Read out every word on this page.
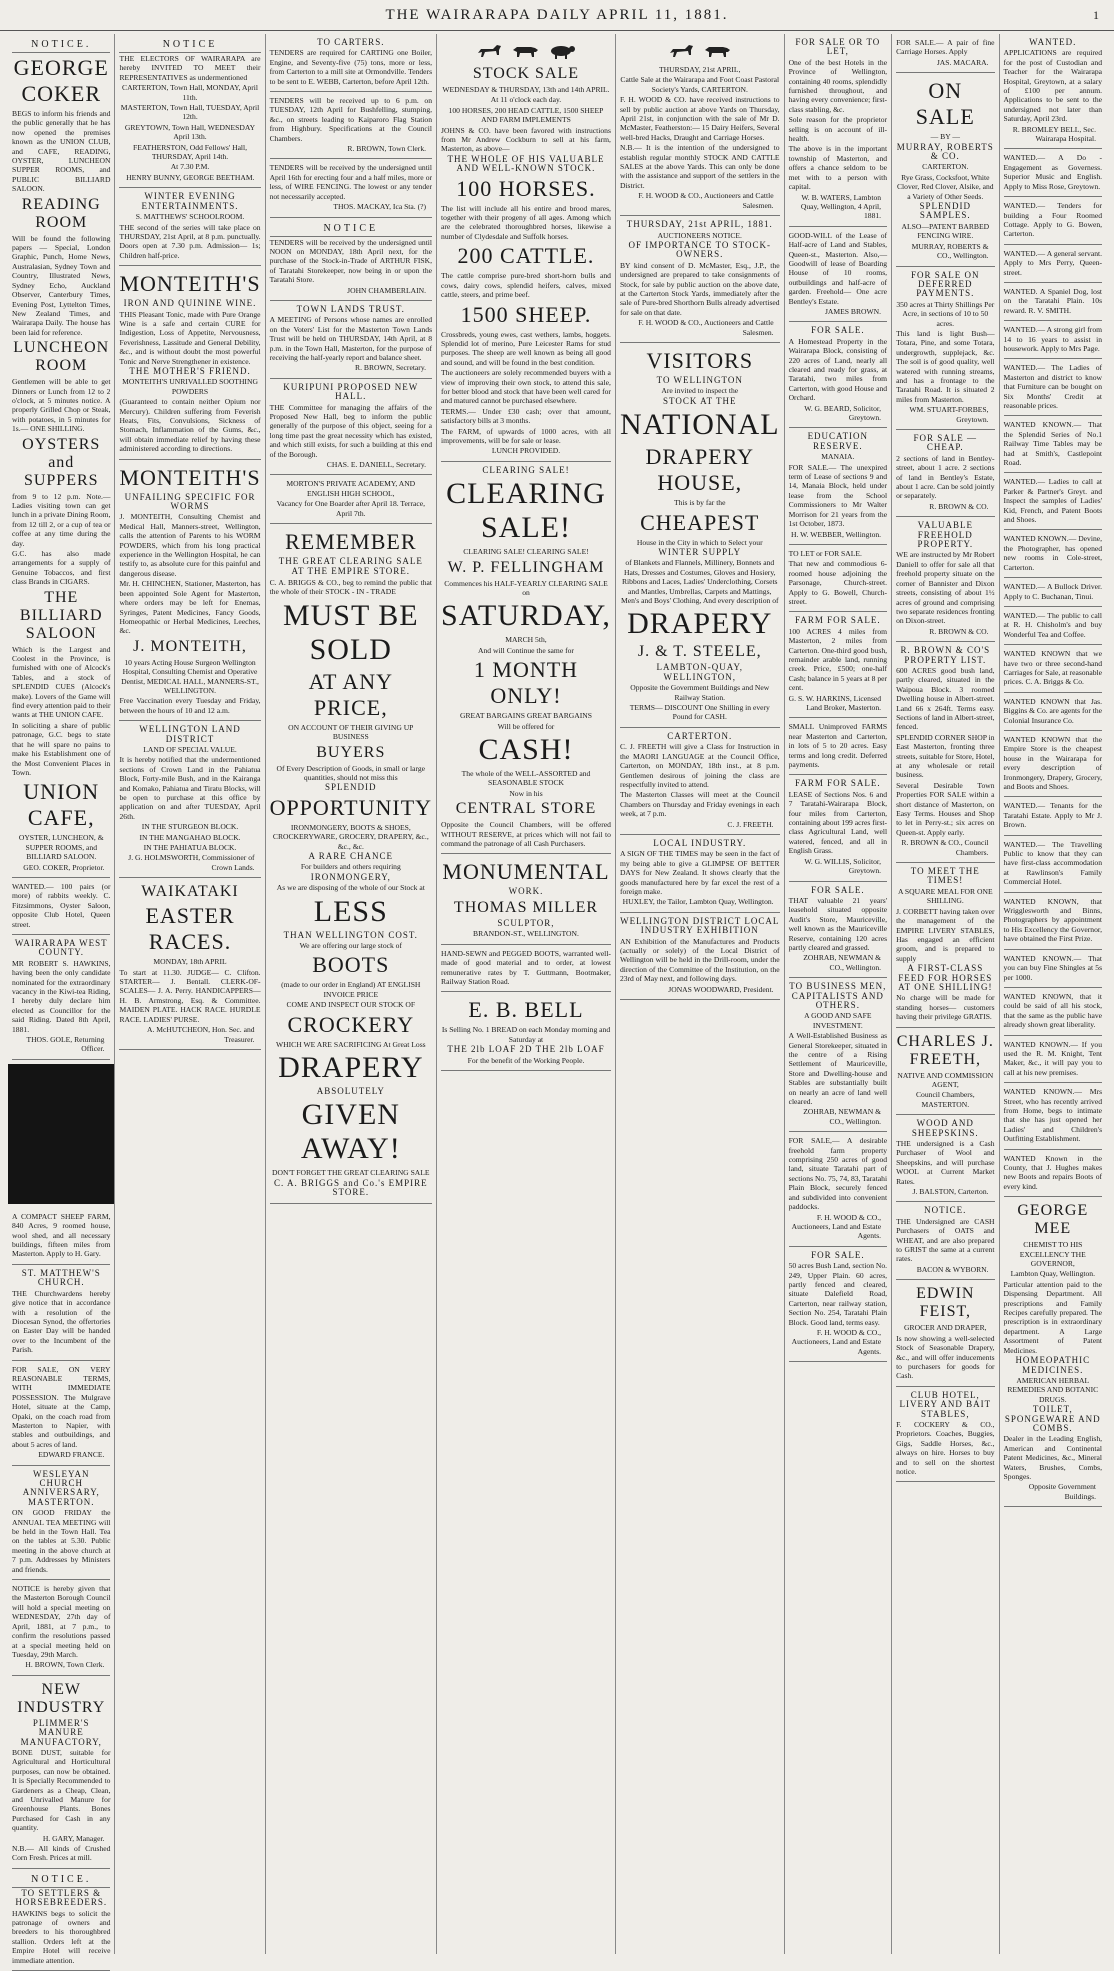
THE WAIRARAPA DAILY APRIL 11, 1881.	1
NOTICE.
GEORGE COKER

BEGS to inform his friends and the public generally that he has now opened the premises known as the UNION CLUB, and CAFE, READING, OYSTER, LUNCHEON SUPPER ROOMS, and PUBLIC BILLIARD SALOON.

READING ROOM

Will be found the following papers — Special, London Graphic, Punch, Home News, Australasian, Sydney Town and Country, Illustrated News, Sydney Echo, Auckland Observer, Canterbury Times, Evening Post, Lyttelton Times, New Zealand Times, and Wairarapa Daily. The house has been laid for reference.

LUNCHEON ROOM

Gentlemen will be able to get Dinners or Lunch from 12 to 2 o'clock, at 5 minutes notice. A properly Grilled Chop or Steak, with potatoes, in 5 minutes for 1s.— ONE SHILLING.

OYSTERS and SUPPERS

from 9 to 12 p.m. Note.— Ladies visiting town can get lunch in a private Dining Room, from 12 till 2, or a cup of tea or coffee at any time during the day.

G.C. has also made arrangements for a supply of Genuine Tobaccos, and first class Brands in CIGARS.

THE BILLIARD SALOON

Which is the Largest and Coolest in the Province, is furnished with one of Alcock's Tables, and a stock of SPLENDID CUES (Alcock's make). Lovers of the Game will find every attention paid to their wants at THE UNION CAFE.

In soliciting a share of public patronage, G.C. begs to state that he will spare no pains to make his Establishment one of the Most Convenient Places in Town.

UNION CAFE,

OYSTER, LUNCHEON, & SUPPER ROOMS, and BILLIARD SALOON.

GEO. COKER, Proprietor.

WANTED.— 100 pairs (or more) of rabbits weekly. C. Fitzsimmons, Oyster Saloon, opposite Club Hotel, Queen street.

WAIRARAPA WEST COUNTY.

MR ROBERT S. HAWKINS, having been the only candidate nominated for the extraordinary vacancy in the Kiwi-tea Riding, I hereby duly declare him elected as Councillor for the said Riding. Dated 8th April, 1881.

THOS. GOLE, Returning Officer.

A COMPACT SHEEP FARM, 840 Acres, 9 roomed house, wool shed, and all necessary buildings, fifteen miles from Masterton. Apply to H. Gary.

ST. MATTHEW'S CHURCH.

THE Churchwardens hereby give notice that in accordance with a resolution of the Diocesan Synod, the offertories on Easter Day will be handed over to the Incumbent of the Parish.

FOR SALE, ON VERY REASONABLE TERMS, WITH IMMEDIATE POSSESSION. The Mulgrave Hotel, situate at the Camp, Opaki, on the coach road from Masterton to Napier, with stables and outbuildings, and about 5 acres of land.

EDWARD FRANCE.

WESLEYAN CHURCH ANNIVERSARY, MASTERTON.

ON GOOD FRIDAY the ANNUAL TEA MEETING will be held in the Town Hall. Tea on the tables at 5.30. Public meeting in the above church at 7 p.m. Addresses by Ministers and friends.

NOTICE is hereby given that the Masterton Borough Council will hold a special meeting on WEDNESDAY, 27th day of April, 1881, at 7 p.m., to confirm the resolutions passed at a special meeting held on Tuesday, 29th March.

H. BROWN, Town Clerk.

NEW INDUSTRY

PLIMMER'S MANURE MANUFACTORY,

BONE DUST, suitable for Agricultural and Horticultural purposes, can now be obtained. It is Specially Recommended to Gardeners as a Cheap, Clean, and Unrivalled Manure for Greenhouse Plants. Bones Purchased for Cash in any quantity.

H. GARY, Manager.

N.B.— All kinds of Crushed Corn Fresh. Prices at mill.

NOTICE.

TO SETTLERS & HORSEBREEDERS.

HAWKINS begs to solicit the patronage of owners and breeders to his thoroughbred stallion. Orders left at the Empire Hotel will receive immediate attention.

NOTICE

THE ELECTORS OF WAIRARAPA are hereby INVITED TO MEET their REPRESENTATIVES as undermentioned

CARTERTON, Town Hall, MONDAY, April 11th.

MASTERTON, Town Hall, TUESDAY, April 12th.

GREYTOWN, Town Hall, WEDNESDAY April 13th.

FEATHERSTON, Odd Fellows' Hall, THURSDAY, April 14th.

At 7.30 P.M.

HENRY BUNNY, GEORGE BEETHAM.

WINTER EVENING ENTERTAINMENTS.

S. MATTHEWS' SCHOOLROOM.

THE second of the series will take place on THURSDAY, 21st April, at 8 p.m. punctually. Doors open at 7.30 p.m. Admission— 1s; Children half-price.

MONTEITH'S

IRON AND QUININE WINE.

THIS Pleasant Tonic, made with Pure Orange Wine is a safe and certain CURE for Indigestion, Loss of Appetite, Nervousness, Feverishness, Lassitude and General Debility, &c., and is without doubt the most powerful Tonic and Nerve Strengthener in existence.

THE MOTHER'S FRIEND.

MONTEITH'S UNRIVALLED SOOTHING POWDERS

(Guaranteed to contain neither Opium nor Mercury). Children suffering from Feverish Heats, Fits, Convulsions, Sickness of Stomach, Inflammation of the Gums, &c., will obtain immediate relief by having these administered according to directions.

MONTEITH'S

UNFAILING SPECIFIC FOR WORMS

J. MONTEITH, Consulting Chemist and Medical Hall, Manners-street, Wellington, calls the attention of Parents to his WORM POWDERS, which from his long practical experience in the Wellington Hospital, he can testify to, as absolute cure for this painful and dangerous disease.

Mr. H. CHINCHEN, Stationer, Masterton, has been appointed Sole Agent for Masterton, where orders may be left for Enemas, Syringes, Patent Medicines, Fancy Goods, Homeopathic or Herbal Medicines, Leeches, &c.

J. MONTEITH,

10 years Acting House Surgeon Wellington Hospital, Consulting Chemist and Operative Dentist, MEDICAL HALL, MANNERS-ST., WELLINGTON.

Free Vaccination every Tuesday and Friday, between the hours of 10 and 12 a.m.

WELLINGTON LAND DISTRICT

LAND OF SPECIAL VALUE.

It is hereby notified that the undermentioned sections of Crown Land in the Pahiatua Block, Forty-mile Bush, and in the Kairanga and Komako, Pahiatua and Tiratu Blocks, will be open to purchase at this office by application on and after TUESDAY, April 26th.

IN THE STURGEON BLOCK.

IN THE MANGAHAO BLOCK.

IN THE PAHIATUA BLOCK.

J. G. HOLMSWORTH, Commissioner of Crown Lands.

WAIKATAKI
EASTER RACES.

MONDAY, 18th APRIL

To start at 11.30. JUDGE— C. Clifton. STARTER— J. Bentall. CLERK-OF-SCALES— J. A. Perry. HANDICAPPERS— H. B. Armstrong, Esq. & Committee. MAIDEN PLATE. HACK RACE. HURDLE RACE. LADIES' PURSE.

A. McHUTCHEON, Hon. Sec. and Treasurer.

TO CARTERS.

TENDERS are required for CARTING one Boiler, Engine, and Seventy-five (75) tons, more or less, from Carterton to a mill site at Ormondville. Tenders to be sent to E. WEBB, Carterton, before April 12th.

TENDERS will be received up to 6 p.m. on TUESDAY, 12th April for Bushfelling, stumping, &c., on streets leading to Kaiparoro Flag Station from Highbury. Specifications at the Council Chambers.

R. BROWN, Town Clerk.

TENDERS will be received by the undersigned until April 16th for erecting four and a half miles, more or less, of WIRE FENCING. The lowest or any tender not necessarily accepted.

THOS. MACKAY, Ica Sta. (?)

NOTICE

TENDERS will be received by the undersigned until NOON on MONDAY, 18th April next, for the purchase of the Stock-in-Trade of ARTHUR FISK, of Taratahi Storekeeper, now being in or upon the Taratahi Store.

JOHN CHAMBERLAIN.

TOWN LANDS TRUST.

A MEETING of Persons whose names are enrolled on the Voters' List for the Masterton Town Lands Trust will be held on THURSDAY, 14th April, at 8 p.m. in the Town Hall, Masterton, for the purpose of receiving the half-yearly report and balance sheet.

R. BROWN, Secretary.

KURIPUNI PROPOSED NEW HALL.

THE Committee for managing the affairs of the Proposed New Hall, beg to inform the public generally of the purpose of this object, seeing for a long time past the great necessity which has existed, and which still exists, for such a building at this end of the Borough.

CHAS. E. DANIELL, Secretary.

MORTON'S PRIVATE ACADEMY, AND ENGLISH HIGH SCHOOL,

Vacancy for One Boarder after April 18. Terrace, April 7th.

REMEMBER

THE GREAT CLEARING SALE

AT THE EMPIRE STORE.

C. A. BRIGGS & CO., beg to remind the public that the whole of their STOCK - IN - TRADE

MUST BE SOLD
AT ANY PRICE,

ON ACCOUNT OF THEIR GIVING UP BUSINESS

BUYERS

Of Every Description of Goods, in small or large quantities, should not miss this

SPLENDID

OPPORTUNITY

IRONMONGERY, BOOTS & SHOES, CROCKERYWARE, GROCERY, DRAPERY, &c., &c., &c.

A RARE CHANCE

For builders and others requiring

IRONMONGERY,

As we are disposing of the whole of our Stock at

LESS

THAN WELLINGTON COST.

We are offering our large stock of

BOOTS

(made to our order in England) AT ENGLISH INVOICE PRICE

COME AND INSPECT OUR STOCK OF

CROCKERY

WHICH WE ARE SACRIFICING At Great Loss

DRAPERY

ABSOLUTELY

GIVEN AWAY!

DON'T FORGET THE GREAT CLEARING SALE

C. A. BRIGGS and Co.'s EMPIRE STORE.

STOCK SALE

WEDNESDAY & THURSDAY, 13th and 14th APRIL.

At 11 o'clock each day.

100 HORSES, 200 HEAD CATTLE, 1500 SHEEP AND FARM IMPLEMENTS

JOHNS & CO. have been favored with instructions from Mr Andrew Cockburn to sell at his farm, Masterton, as above—

THE WHOLE OF HIS VALUABLE AND WELL-KNOWN STOCK.

100 HORSES.

The list will include all his entire and brood mares, together with their progeny of all ages. Among which are the celebrated thoroughbred horses, likewise a number of Clydesdale and Suffolk horses.

200 CATTLE.

The cattle comprise pure-bred short-horn bulls and cows, dairy cows, splendid heifers, calves, mixed cattle, steers, and prime beef.

1500 SHEEP.

Crossbreds, young ewes, cast wethers, lambs, hoggets. Splendid lot of merino, Pure Leicester Rams for stud purposes. The sheep are well known as being all good and sound, and will be found in the best condition.

The auctioneers are solely recommended buyers with a view of improving their own stock, to attend this sale, for better blood and stock that have been well cared for and matured cannot be purchased elsewhere.

TERMS.— Under £30 cash; over that amount, satisfactory bills at 3 months.

The FARM, of upwards of 1000 acres, with all improvements, will be for sale or lease.

LUNCH PROVIDED.

CLEARING SALE!

CLEARING SALE!

CLEARING SALE! CLEARING SALE!

W. P. FELLINGHAM

Commences his HALF-YEARLY CLEARING SALE on

SATURDAY,

MARCH 5th,

And will Continue the same for

1 MONTH ONLY!

GREAT BARGAINS GREAT BARGAINS

Will be offered for

CASH!

The whole of the WELL-ASSORTED and SEASONABLE STOCK

Now in his

CENTRAL STORE

Opposite the Council Chambers, will be offered WITHOUT RESERVE, at prices which will not fail to command the patronage of all Cash Purchasers.

MONUMENTAL

WORK.

THOMAS MILLER

SCULPTOR,

BRANDON-ST., WELLINGTON.

HAND-SEWN and PEGGED BOOTS, warranted well-made of good material and to order, at lowest remunerative rates by T. Guttmann, Bootmaker, Railway Station Road.

E. B. BELL

Is Selling No. 1 BREAD on each Monday morning and Saturday at

THE 2lb LOAF 2D THE 2lb LOAF

For the benefit of the Working People.

THURSDAY, 21st APRIL,

Cattle Sale at the Wairarapa and Foot Coast Pastoral Society's Yards, CARTERTON.

F. H. WOOD & CO. have received instructions to sell by public auction at above Yards on Thursday, April 21st, in conjunction with the sale of Mr D. McMaster, Featherston:— 15 Dairy Heifers, Several well-bred Hacks, Draught and Carriage Horses.

N.B.— It is the intention of the undersigned to establish regular monthly STOCK AND CATTLE SALES at the above Yards. This can only be done with the assistance and support of the settlers in the District.

F. H. WOOD & CO., Auctioneers and Cattle Salesmen.

THURSDAY, 21st APRIL, 1881.

AUCTIONEERS NOTICE.

OF IMPORTANCE TO STOCK-OWNERS.

BY kind consent of D. McMaster, Esq., J.P., the undersigned are prepared to take consignments of Stock, for sale by public auction on the above date, at the Carterton Stock Yards, immediately after the sale of Pure-bred Shorthorn Bulls already advertised for sale on that date.

F. H. WOOD & CO., Auctioneers and Cattle Salesmen.

VISITORS

TO WELLINGTON

Are invited to inspect the

STOCK AT THE

NATIONAL
DRAPERY HOUSE,

This is by far the

CHEAPEST

House in the City in which to Select your

WINTER SUPPLY

of Blankets and Flannels, Millinery, Bonnets and Hats, Dresses and Costumes, Gloves and Hosiery, Ribbons and Laces, Ladies' Underclothing, Corsets and Mantles, Umbrellas, Carpets and Mattings, Men's and Boys' Clothing, And every description of

DRAPERY
J. & T. STEELE,

LAMBTON-QUAY, WELLINGTON,

Opposite the Government Buildings and New Railway Station.

TERMS— DISCOUNT One Shilling in every Pound for CASH.

CARTERTON.

C. J. FREETH will give a Class for Instruction in the MAORI LANGUAGE at the Council Office, Carterton, on MONDAY, 18th inst., at 8 p.m. Gentlemen desirous of joining the class are respectfully invited to attend.

The Masterton Classes will meet at the Council Chambers on Thursday and Friday evenings in each week, at 7 p.m.

C. J. FREETH.

LOCAL INDUSTRY.

A SIGN OF THE TIMES may be seen in the fact of my being able to give a GLIMPSE OF BETTER DAYS for New Zealand. It shows clearly that the goods manufactured here by far excel the rest of a foreign make.

HUXLEY, the Tailor, Lambton Quay, Wellington.

WELLINGTON DISTRICT LOCAL INDUSTRY EXHIBITION

AN Exhibition of the Manufactures and Products (actually or solely) of the Local District of Wellington will be held in the Drill-room, under the direction of the Committee of the Institution, on the 23rd of May next, and following days.

JONAS WOODWARD, President.

FOR SALE OR TO LET,

One of the best Hotels in the Province of Wellington, containing 40 rooms, splendidly furnished throughout, and having every convenience; first-class stabling, &c.

Sole reason for the proprietor selling is on account of ill-health.

The above is in the important township of Masterton, and offers a chance seldom to be met with to a person with capital.

W. B. WATERS, Lambton Quay, Wellington, 4 April, 1881.

GOOD-WILL of the Lease of Half-acre of Land and Stables, Queen-st., Masterton. Also,— Goodwill of lease of Boarding House of 10 rooms, outbuildings and half-acre of garden. Freehold— One acre Bentley's Estate.

JAMES BROWN.

FOR SALE.

A Homestead Property in the Wairarapa Block, consisting of 220 acres of Land, nearly all cleared and ready for grass, at Taratahi, two miles from Carterton, with good House and Orchard.

W. G. BEARD, Solicitor, Greytown.

EDUCATION RESERVE.

MANAIA.

FOR SALE.— The unexpired term of Lease of sections 9 and 14, Manaia Block, held under lease from the School Commissioners to Mr Walter Morrison for 21 years from the 1st October, 1873.

H. W. WEBBER, Wellington.

TO LET or FOR SALE.

That new and commodious 6-roomed house adjoining the Parsonage, Church-street. Apply to G. Bowell, Church-street.

FARM FOR SALE.

100 ACRES 4 miles from Masterton, 2 miles from Carterton. One-third good bush, remainder arable land, running creek. Price, £500; one-half Cash; balance in 5 years at 8 per cent.

G. S. W. HARKINS, Licensed Land Broker, Masterton.

SMALL Unimproved FARMS near Masterton and Carterton, in lots of 5 to 20 acres. Easy terms and long credit. Deferred payments.

FARM FOR SALE.

LEASE of Sections Nos. 6 and 7 Taratahi-Wairarapa Block, four miles from Carterton, containing about 199 acres first-class Agricultural Land, well watered, fenced, and all in English Grass.

W. G. WILLIS, Solicitor, Greytown.

FOR SALE.

THAT valuable 21 years' leasehold situated opposite Audit's Store, Mauriceville, well known as the Mauriceville Reserve, containing 120 acres partly cleared and grassed.

ZOHRAB, NEWMAN & CO., Wellington.

TO BUSINESS MEN, CAPITALISTS AND OTHERS.

A GOOD AND SAFE INVESTMENT.

A Well-Established Business as General Storekeeper, situated in the centre of a Rising Settlement of Mauriceville, Store and Dwelling-house and Stables are substantially built on nearly an acre of land well cleared.

ZOHRAB, NEWMAN & CO., Wellington.

FOR SALE,— A desirable freehold farm property comprising 250 acres of good land, situate Taratahi part of sections No. 75, 74, 83, Taratahi Plain Block, securely fenced and subdivided into convenient paddocks.

F. H. WOOD & CO., Auctioneers, Land and Estate Agents.

FOR SALE.

50 acres Bush Land, section No. 249, Upper Plain. 60 acres, partly fenced and cleared, situate Dalefield Road, Carterton, near railway station, Section No. 254, Taratahi Plain Block. Good land, terms easy.

F. H. WOOD & CO., Auctioneers, Land and Estate Agents.

FOR SALE.— A pair of fine Carriage Horses. Apply

JAS. MACARA.

ON SALE

— BY —

MURRAY, ROBERTS & CO.

CARTERTON.

Rye Grass, Cocksfoot, White Clover, Red Clover, Alsike, and a Variety of Other Seeds.

SPLENDID SAMPLES.

ALSO—PATENT BARBED FENCING WIRE.

MURRAY, ROBERTS & CO., Wellington.

FOR SALE ON DEFERRED PAYMENTS.

350 acres at Thirty Shillings Per Acre, in sections of 10 to 50 acres.

This land is light Bush— Totara, Pine, and some Totara, undergrowth, supplejack, &c. The soil is of good quality, well watered with running streams, and has a frontage to the Taratahi Road. It is situated 2 miles from Masterton.

WM. STUART-FORBES, Greytown.

FOR SALE — CHEAP.

2 sections of land in Bentley-street, about 1 acre. 2 sections of land in Bentley's Estate, about 1 acre. Can be sold jointly or separately.

R. BROWN & CO.

VALUABLE FREEHOLD PROPERTY.

WE are instructed by Mr Robert Daniell to offer for sale all that freehold property situate on the corner of Bannister and Dixon streets, consisting of about 1½ acres of ground and comprising two separate residences fronting on Dixon-street.

R. BROWN & CO.

R. BROWN & CO'S PROPERTY LIST.

600 ACRES good bush land, partly cleared, situated in the Waipoua Block. 3 roomed Dwelling house in Albert-street. Land 66 x 264ft. Terms easy. Sections of land in Albert-street, fenced.

SPLENDID CORNER SHOP in East Masterton, fronting three streets, suitable for Store, Hotel, at any wholesale or retail business.

Several Desirable Town Properties FOR SALE within a short distance of Masterton, on Easy Terms. Houses and Shop to let in Perry-st.; six acres on Queen-st. Apply early.

R. BROWN & CO., Council Chambers.

TO MEET THE TIMES!

A SQUARE MEAL FOR ONE SHILLING.

J. CORBETT having taken over the management of the EMPIRE LIVERY STABLES, Has engaged an efficient groom, and is prepared to supply

A FIRST-CLASS FEED FOR HORSES AT ONE SHILLING!

No charge will be made for standing horses— customers having their privilege GRATIS.

CHARLES J. FREETH,

NATIVE AND COMMISSION AGENT,

Council Chambers, MASTERTON.

WOOD AND SHEEPSKINS.

THE undersigned is a Cash Purchaser of Wool and Sheepskins, and will purchase WOOL at Current Market Rates.

J. BALSTON, Carterton.

NOTICE.

THE Undersigned are CASH Purchasers of OATS and WHEAT, and are also prepared to GRIST the same at a current rates.

BACON & WYBORN.

EDWIN FEIST,

GROCER AND DRAPER,

Is now showing a well-selected Stock of Seasonable Drapery, &c., and will offer inducements to purchasers for goods for Cash.

CLUB HOTEL, LIVERY AND BAIT STABLES,

F. COCKERY & CO., Proprietors. Coaches, Buggies, Gigs, Saddle Horses, &c., always on hire. Horses to buy and to sell on the shortest notice.

WANTED.

APPLICATIONS are required for the post of Custodian and Teacher for the Wairarapa Hospital, Greytown, at a salary of £100 per annum. Applications to be sent to the undersigned not later than Saturday, April 23rd.

R. BROMLEY BELL, Sec. Wairarapa Hospital.

WANTED.— A Do - Engagement as Governess. Superior Music and English. Apply to Miss Rose, Greytown.

WANTED.— Tenders for building a Four Roomed Cottage. Apply to G. Bowen, Carterton.

WANTED.— A general servant. Apply to Mrs Perry, Queen-street.

WANTED. A Spaniel Dog, lost on the Taratahi Plain. 10s reward. R. V. SMITH.

WANTED.— A strong girl from 14 to 16 years to assist in housework. Apply to Mrs Page.

WANTED.— The Ladies of Masterton and district to know that Furniture can be bought on Six Months' Credit at reasonable prices.

WANTED KNOWN.— That the Splendid Series of No.1 Railway Time Tables may be had at Smith's, Castlepoint Road.

WANTED.— Ladies to call at Parker & Partner's Greyt. and Inspect the samples of Ladies' Kid, French, and Patent Boots and Shoes.

WANTED KNOWN.— Devine, the Photographer, has opened new rooms in Cole-street, Carterton.

WANTED.— A Bullock Driver. Apply to C. Buchanan, Tinui.

WANTED.— The public to call at R. H. Chisholm's and buy Wonderful Tea and Coffee.

WANTED KNOWN that we have two or three second-hand Carriages for Sale, at reasonable prices. C. A. Briggs & Co.

WANTED KNOWN that Jas. Biggins & Co. are agents for the Colonial Insurance Co.

WANTED KNOWN that the Empire Store is the cheapest house in the Wairarapa for every description of Ironmongery, Drapery, Grocery, and Boots and Shoes.

WANTED.— Tenants for the Taratahi Estate. Apply to Mr J. Brown.

WANTED.— The Travelling Public to know that they can have first-class accommodation at Rawlinson's Family Commercial Hotel.

WANTED KNOWN, that Wrigglesworth and Binns, Photographers by appointment to His Excellency the Governor, have obtained the First Prize.

WANTED KNOWN.— That you can buy Fine Shingles at 5s per 1000.

WANTED KNOWN, that it could be said of all his stock, that the same as the public have already shown great liberality.

WANTED KNOWN.— If you used the R. M. Knight, Tent Maker, &c., it will pay you to call at his new premises.

WANTED KNOWN.— Mrs Street, who has recently arrived from Home, begs to intimate that she has just opened her Ladies' and Children's Outfitting Establishment.

WANTED Known in the County, that J. Hughes makes new Boots and repairs Boots of every kind.

GEORGE MEE

CHEMIST TO HIS EXCELLENCY THE GOVERNOR,

Lambton Quay, Wellington.

Particular attention paid to the Dispensing Department. All prescriptions and Family Recipes carefully prepared. The prescription is in extraordinary department. A Large Assortment of Patent Medicines.

HOMEOPATHIC MEDICINES.

AMERICAN HERBAL REMEDIES AND BOTANIC DRUGS.

TOILET, SPONGEWARE AND COMBS.

Dealer in the Leading English, American and Continental Patent Medicines, &c., Mineral Waters, Brushes, Combs, Sponges.

Opposite Government Buildings.
